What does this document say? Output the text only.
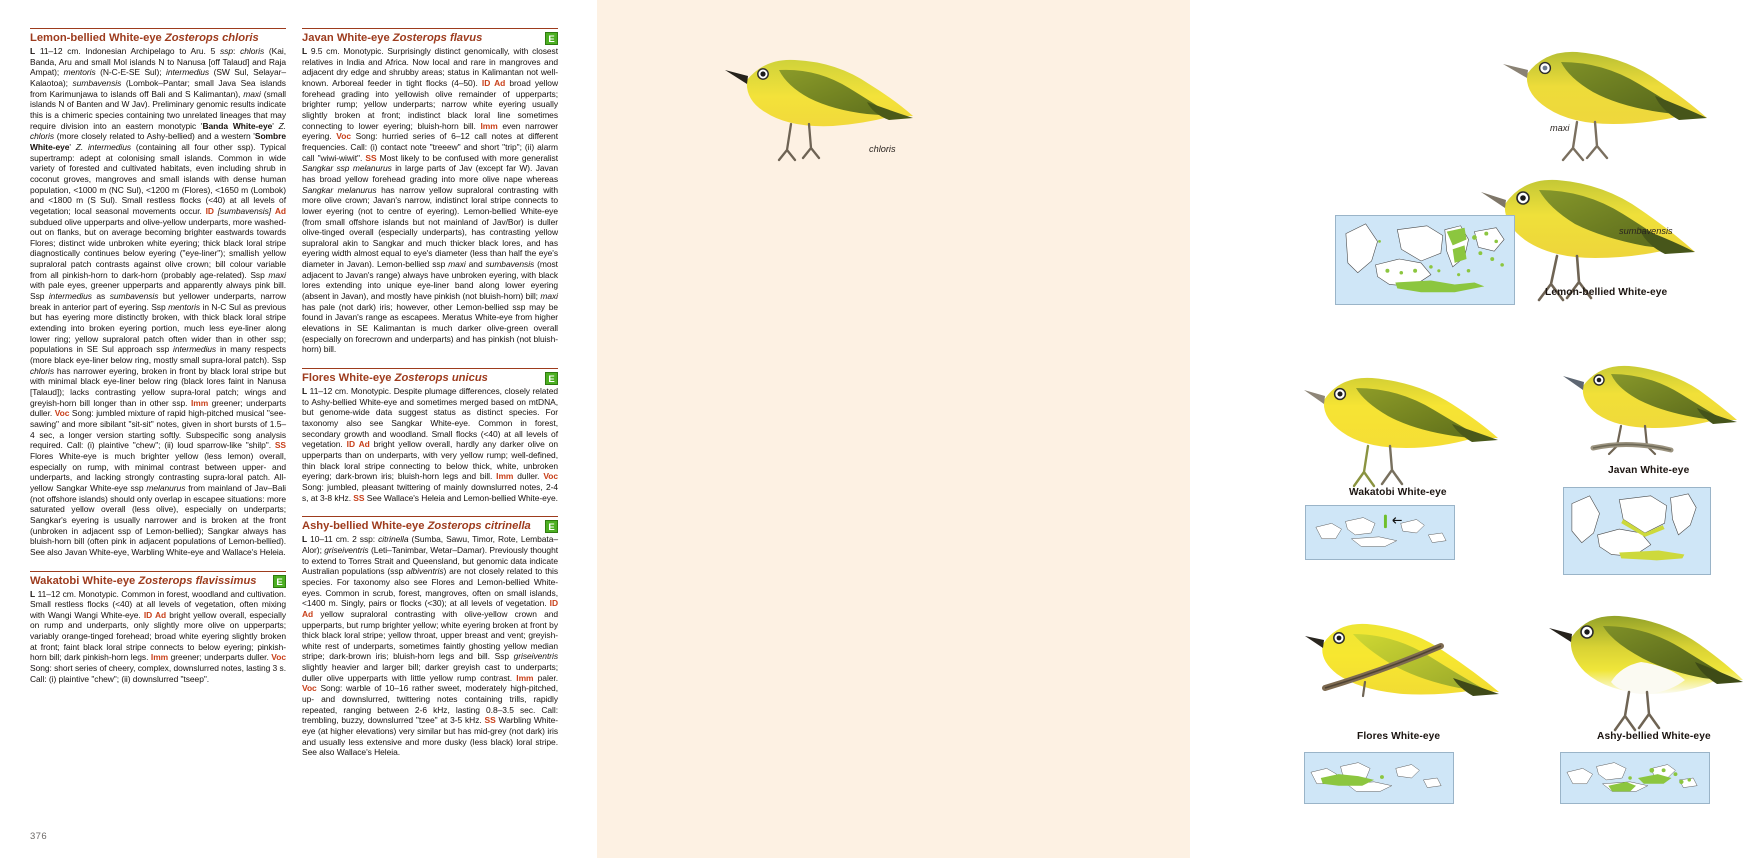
Lemon-bellied White-eye Zosterops chloris

L 11–12 cm. Indonesian Archipelago to Aru. 5 ssp: chloris (Kai, Banda, Aru and small Mol islands N to Nanusa [off Talaud] and Raja Ampat); mentoris (N-C-E-SE Sul); intermedius (SW Sul, Selayar–Kalaotoa); sumbavensis (Lombok–Pantar; small Java Sea islands from Karimunjawa to islands off Bali and S Kalimantan), maxi (small islands N of Banten and W Jav). Preliminary genomic results indicate this is a chimeric species containing two unrelated lineages that may require division into an eastern monotypic 'Banda White-eye' Z. chloris (more closely related to Ashy-bellied) and a western 'Sombre White-eye' Z. intermedius (containing all four other ssp). Typical supertramp: adept at colonising small islands. Common in wide variety of forested and cultivated habitats, even including shrub in coconut groves, mangroves and small islands with dense human population, <1000 m (NC Sul), <1200 m (Flores), <1650 m (Lombok) and <1800 m (S Sul). Small restless flocks (<40) at all levels of vegetation; local seasonal movements occur. ID [sumbavensis] Ad subdued olive upperparts and olive-yellow underparts, more washed-out on flanks, but on average becoming brighter eastwards towards Flores; distinct wide unbroken white eyering; thick black loral stripe diagnostically continues below eyering ("eye-liner"); smallish yellow supraloral patch contrasts against olive crown; bill colour variable from all pinkish-horn to dark-horn (probably age-related). Ssp maxi with pale eyes, greener upperparts and apparently always pink bill. Ssp intermedius as sumbavensis but yellower underparts, narrow break in anterior part of eyering. Ssp mentoris in N-C Sul as previous but has eyering more distinctly broken, with thick black loral stripe extending into broken eyering portion, much less eye-liner along lower ring; yellow supraloral patch often wider than in other ssp; populations in SE Sul approach ssp intermedius in many respects (more black eye-liner below ring, mostly small supra-loral patch). Ssp chloris has narrower eyering, broken in front by black loral stripe but with minimal black eye-liner below ring (black lores faint in Nanusa [Talaud]); lacks contrasting yellow supra-loral patch; wings and greyish-horn bill longer than in other ssp. Imm greener; underparts duller. Voc Song: jumbled mixture of rapid high-pitched musical "see-sawing" and more sibilant "sit-sit" notes, given in short bursts of 1.5–4 sec, a longer version starting softly. Subspecific song analysis required. Call: (i) plaintive "chew"; (ii) loud sparrow-like "shilp". SS Flores White-eye is much brighter yellow (less lemon) overall, especially on rump, with minimal contrast between upper- and underparts, and lacking strongly contrasting supra-loral patch. All-yellow Sangkar White-eye ssp melanurus from mainland of Jav–Bali (not offshore islands) should only overlap in escapee situations: more saturated yellow overall (less olive), especially on underparts; Sangkar's eyering is usually narrower and is broken at the front (unbroken in adjacent ssp of Lemon-bellied); Sangkar always has bluish-horn bill (often pink in adjacent populations of Lemon-bellied). See also Javan White-eye, Warbling White-eye and Wallace's Heleia.

Wakatobi White-eye Zosterops flavissimus	E

L 11–12 cm. Monotypic. Common in forest, woodland and cultivation. Small restless flocks (<40) at all levels of vegetation, often mixing with Wangi Wangi White-eye. ID Ad bright yellow overall, especially on rump and underparts, only slightly more olive on upperparts; variably orange-tinged forehead; broad white eyering slightly broken at front; faint black loral stripe connects to below eyering; pinkish-horn bill; dark pinkish-horn legs. Imm greener; underparts duller. Voc Song: short series of cheery, complex, downslurred notes, lasting 3 s. Call: (i) plaintive "chew"; (ii) downslurred "tseep".

Javan White-eye Zosterops flavus	E

L 9.5 cm. Monotypic. Surprisingly distinct genomically, with closest relatives in India and Africa. Now local and rare in mangroves and adjacent dry edge and shrubby areas; status in Kalimantan not well-known. Arboreal feeder in tight flocks (4–50). ID Ad broad yellow forehead grading into yellowish olive remainder of upperparts; brighter rump; yellow underparts; narrow white eyering usually slightly broken at front; indistinct black loral line sometimes connecting to lower eyering; bluish-horn bill. Imm even narrower eyering. Voc Song: hurried series of 6–12 call notes at different frequencies. Call: (i) contact note "treeew" and short "trip"; (ii) alarm call "wiwi-wiwit". SS Most likely to be confused with more generalist Sangkar ssp melanurus in large parts of Jav (except far W). Javan has broad yellow forehead grading into more olive nape whereas Sangkar melanurus has narrow yellow supraloral contrasting with more olive crown; Javan's narrow, indistinct loral stripe connects to lower eyering (not to centre of eyering). Lemon-bellied White-eye (from small offshore islands but not mainland of Jav/Bor) is duller olive-tinged overall (especially underparts), has contrasting yellow supraloral akin to Sangkar and much thicker black lores, and has eyering width almost equal to eye's diameter (less than half the eye's diameter in Javan). Lemon-bellied ssp maxi and sumbavensis (most adjacent to Javan's range) always have unbroken eyering, with black lores extending into unique eye-liner band along lower eyering (absent in Javan), and mostly have pinkish (not bluish-horn) bill; maxi has pale (not dark) iris; however, other Lemon-bellied ssp may be found in Javan's range as escapees. Meratus White-eye from higher elevations in SE Kalimantan is much darker olive-green overall (especially on forecrown and underparts) and has pinkish (not bluish-horn) bill.

Flores White-eye Zosterops unicus	E

L 11–12 cm. Monotypic. Despite plumage differences, closely related to Ashy-bellied White-eye and sometimes merged based on mtDNA, but genome-wide data suggest status as distinct species. For taxonomy also see Sangkar White-eye. Common in forest, secondary growth and woodland. Small flocks (<40) at all levels of vegetation. ID Ad bright yellow overall, hardly any darker olive on upperparts than on underparts, with very yellow rump; well-defined, thin black loral stripe connecting to below thick, white, unbroken eyering; dark-brown iris; bluish-horn legs and bill. Imm duller. Voc Song: jumbled, pleasant twittering of mainly downslurred notes, 2-4 s, at 3-8 kHz. SS See Wallace's Heleia and Lemon-bellied White-eye.

Ashy-bellied White-eye Zosterops citrinella	E

L 10–11 cm. 2 ssp: citrinella (Sumba, Sawu, Timor, Rote, Lembata–Alor); griseiventris (Leti–Tanimbar, Wetar–Damar). Previously thought to extend to Torres Strait and Queensland, but genomic data indicate Australian populations (ssp albiventris) are not closely related to this species. For taxonomy also see Flores and Lemon-bellied White-eyes. Common in scrub, forest, mangroves, often on small islands, <1400 m. Singly, pairs or flocks (<30); at all levels of vegetation. ID Ad yellow supraloral contrasting with olive-yellow crown and upperparts, but rump brighter yellow; white eyering broken at front by thick black loral stripe; yellow throat, upper breast and vent; greyish-white rest of underparts, sometimes faintly ghosting yellow median stripe; dark-brown iris; bluish-horn legs and bill. Ssp griseiventris slightly heavier and larger bill; darker greyish cast to underparts; duller olive upperparts with little yellow rump contrast. Imm paler. Voc Song: warble of 10–16 rather sweet, moderately high-pitched, up- and downslurred, twittering notes containing trills, rapidly repeated, ranging between 2-6 kHz, lasting 0.8–3.5 sec. Call: trembling, buzzy, downslurred "tzee" at 3-5 kHz. SS Warbling White-eye (at higher elevations) very similar but has mid-grey (not dark) iris and usually less extensive and more dusky (less black) loral stripe. See also Wallace's Heleia.

376
chloris
maxi
sumbavensis
Lemon-bellied White-eye
Wakatobi White-eye
Javan White-eye
Flores White-eye	Ashy-bellied White-eye
